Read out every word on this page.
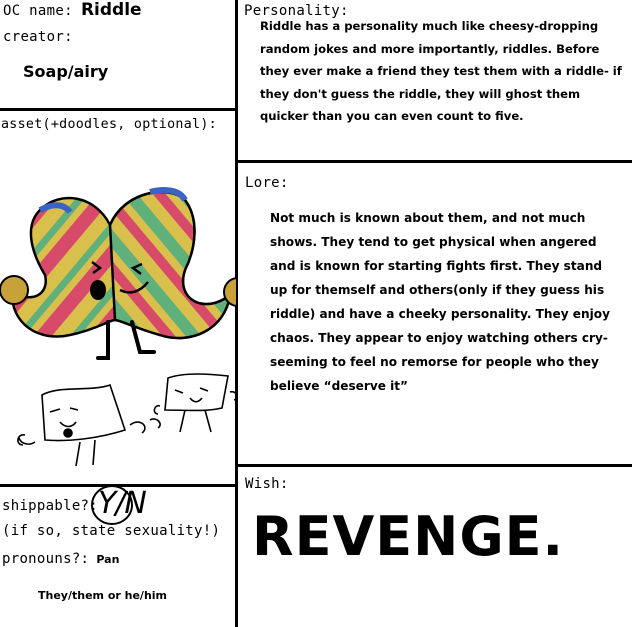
OC name: Riddle
creator:
Soap/airy
asset(+doodles, optional):
shippable?: Y/N
(if so, state sexuality!)
pronouns?: Pan
They/them or he/him
Personality:

Riddle has a personality much like cheesy-dropping random jokes and more importantly, riddles. Before they ever make a friend they test them with a riddle- if they don't guess the riddle, they will ghost them quicker than you can even count to five.

Lore:

Not much is known about them, and not much shows. They tend to get physical when angered and is known for starting fights first. They stand up for themself and others(only if they guess his riddle) and have a cheeky personality. They enjoy chaos. They appear to enjoy watching others cry- seeming to feel no remorse for people who they believe “deserve it”

Wish:
REVENGE.
